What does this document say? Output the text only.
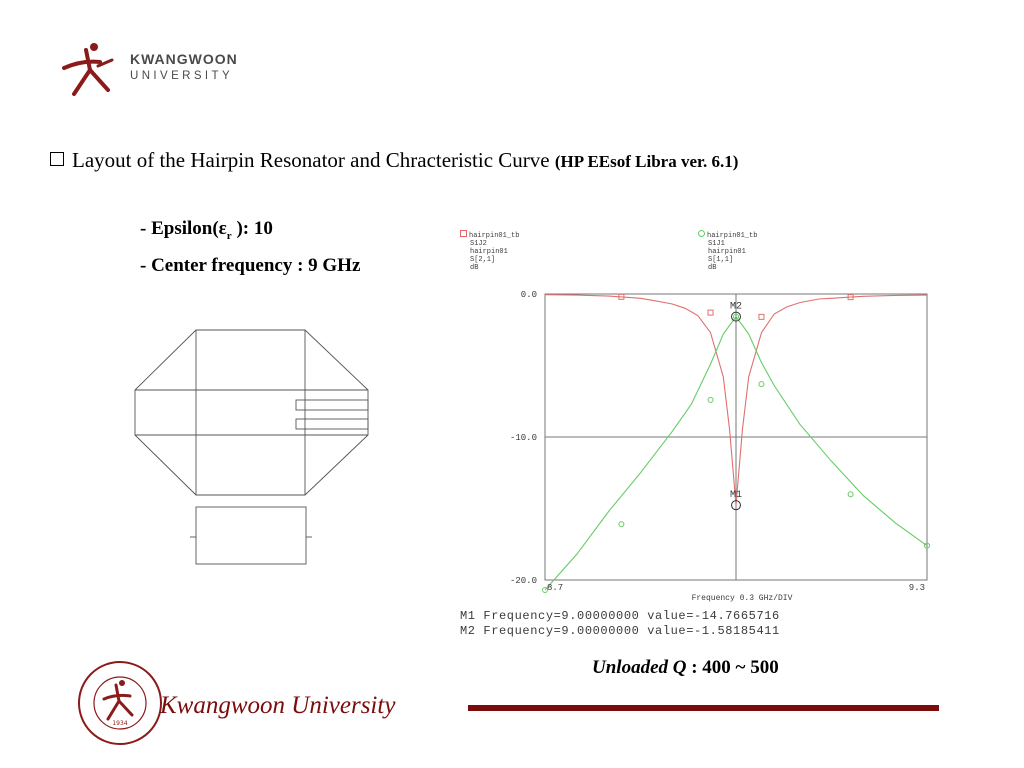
KWANGWOON
UNIVERSITY
Layout of the Hairpin Resonator and Chracteristic Curve (HP EEsof Libra ver. 6.1)
- $Epsilon(\varepsilon_r$ ): 10
- Center frequency : 9 GHz
hairpin01_tb
S1J2
hairpin01
S[2,1]
dB
hairpin01_tb
S1J1
hairpin01
S[1,1]
dB
M1
M2
0.0
-10.0
-20.0
8.7	9.3
Frequency 0.3 GHz/DIV
M1 Frequency=9.00000000 value=-14.7665716
M2 Frequency=9.00000000 value=-1.58185411
Unloaded Q : 400 ~ 500
1934
Kwangwoon University
